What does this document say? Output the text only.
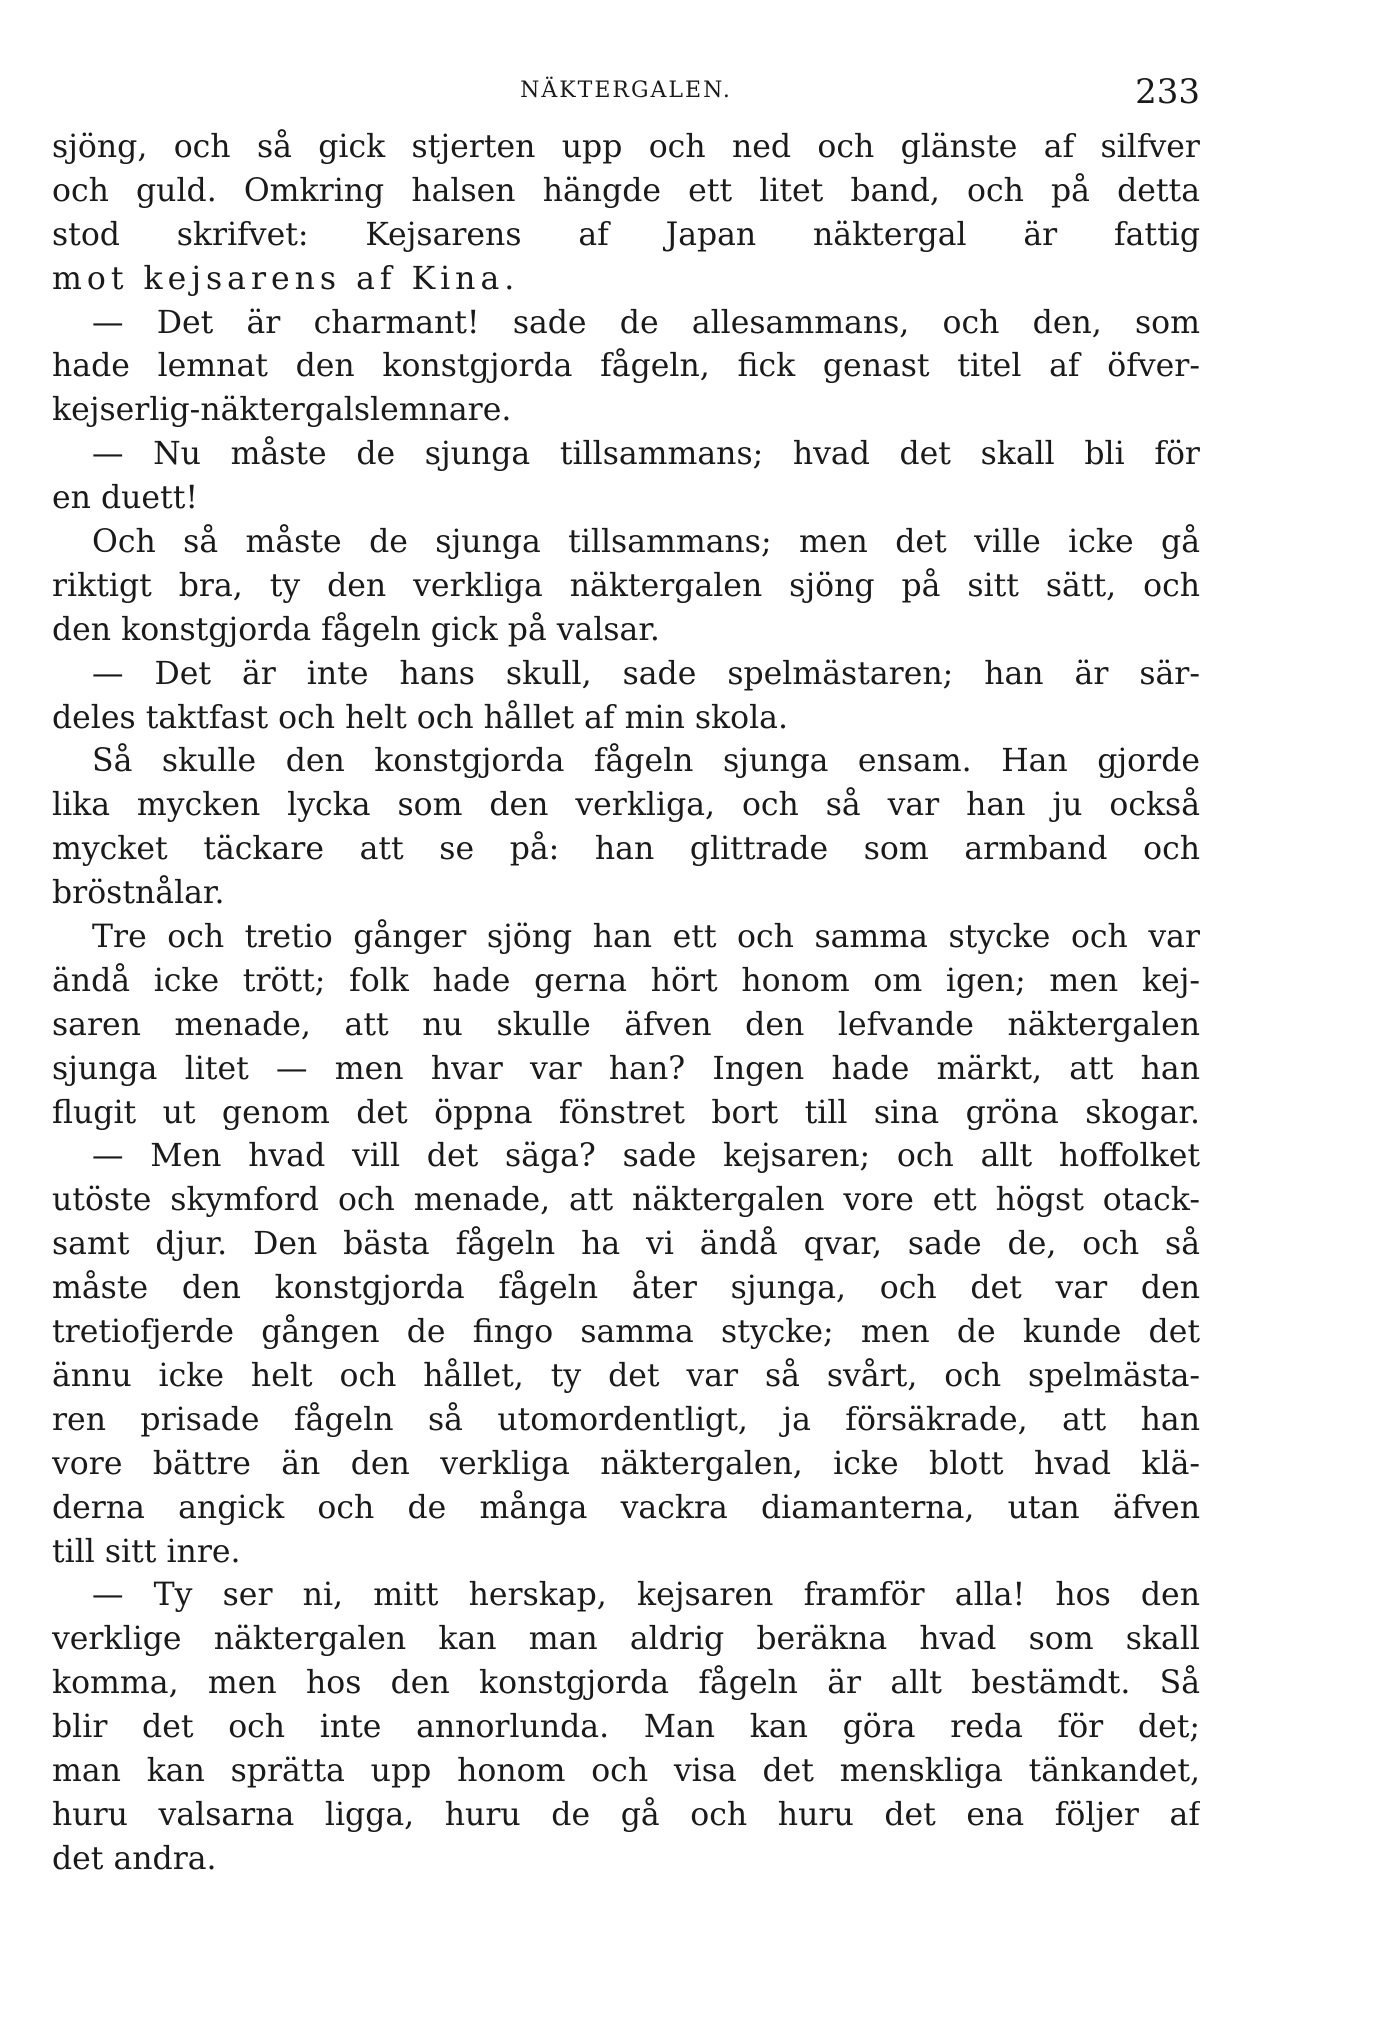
NÄKTERGALEN.	233
sjöng, och så gick stjerten upp och ned och glänste af silfver
och guld. Omkring halsen hängde ett litet band, och på detta
stod skrifvet: Kejsarens af Japan näktergal är fattig
mot kejsarens af Kina.
— Det är charmant! sade de allesammans, och den, som
hade lemnat den konstgjorda fågeln, fick genast titel af öfver-
kejserlig-näktergalslemnare.
— Nu måste de sjunga tillsammans; hvad det skall bli för
en duett!
Och så måste de sjunga tillsammans; men det ville icke gå
riktigt bra, ty den verkliga näktergalen sjöng på sitt sätt, och
den konstgjorda fågeln gick på valsar.
— Det är inte hans skull, sade spelmästaren; han är sär-
deles taktfast och helt och hållet af min skola.
Så skulle den konstgjorda fågeln sjunga ensam. Han gjorde
lika mycken lycka som den verkliga, och så var han ju också
mycket täckare att se på: han glittrade som armband och
bröstnålar.
Tre och tretio gånger sjöng han ett och samma stycke och var
ändå icke trött; folk hade gerna hört honom om igen; men kej-
saren menade, att nu skulle äfven den lefvande näktergalen
sjunga litet — men hvar var han? Ingen hade märkt, att han
flugit ut genom det öppna fönstret bort till sina gröna skogar.
— Men hvad vill det säga? sade kejsaren; och allt hoffolket
utöste skymford och menade, att näktergalen vore ett högst otack-
samt djur. Den bästa fågeln ha vi ändå qvar, sade de, och så
måste den konstgjorda fågeln åter sjunga, och det var den
tretiofjerde gången de fingo samma stycke; men de kunde det
ännu icke helt och hållet, ty det var så svårt, och spelmästa-
ren prisade fågeln så utomordentligt, ja försäkrade, att han
vore bättre än den verkliga näktergalen, icke blott hvad klä-
derna angick och de många vackra diamanterna, utan äfven
till sitt inre.
— Ty ser ni, mitt herskap, kejsaren framför alla! hos den
verklige näktergalen kan man aldrig beräkna hvad som skall
komma, men hos den konstgjorda fågeln är allt bestämdt. Så
blir det och inte annorlunda. Man kan göra reda för det;
man kan sprätta upp honom och visa det menskliga tänkandet,
huru valsarna ligga, huru de gå och huru det ena följer af
det andra.
